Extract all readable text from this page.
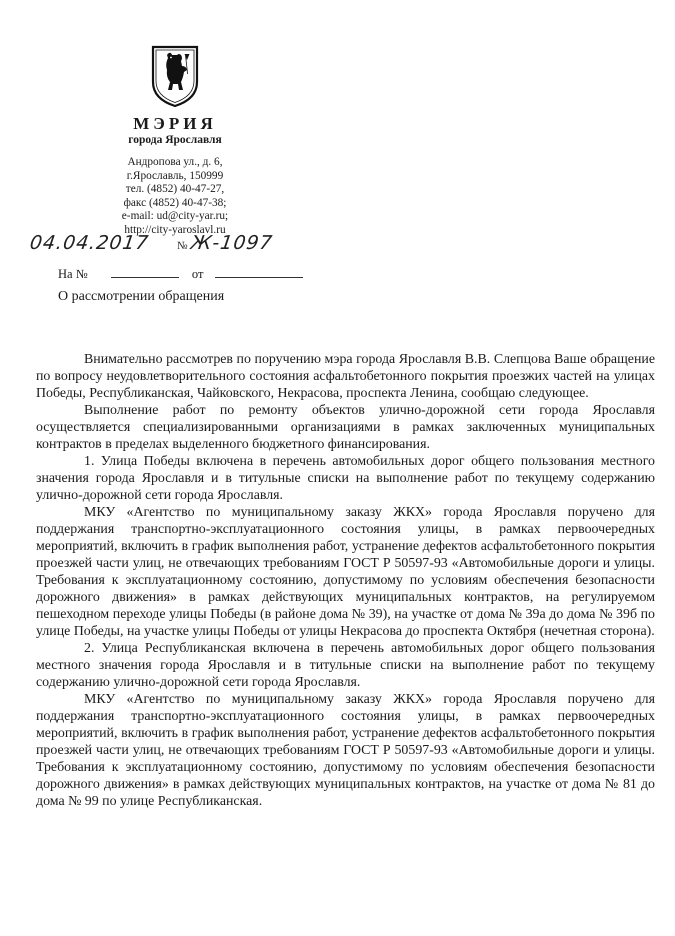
МЭРИЯ
города Ярославля
Андропова ул., д. 6,
г.Ярославль, 150999
тел. (4852) 40-47-27,
факс (4852) 40-47-38;
e-mail: ud@city-yar.ru;
http://city-yaroslavl.ru
04.04.2017 № Ж-1097
На №	от
О рассмотрении обращения

Внимательно рассмотрев по поручению мэра города Ярославля В.В. Слепцова Ваше обращение по вопросу неудовлетворительного состояния асфальтобетонного покрытия проезжих частей на улицах Победы, Республиканская, Чайковского, Некрасова, проспекта Ленина, сообщаю следующее.

Выполнение работ по ремонту объектов улично-дорожной сети города Ярославля осуществляется специализированными организациями в рамках заключенных муниципальных контрактов в пределах выделенного бюджетного финансирования.

1. Улица Победы включена в перечень автомобильных дорог общего пользования местного значения города Ярославля и в титульные списки на выполнение работ по текущему содержанию улично-дорожной сети города Ярославля.

МКУ «Агентство по муниципальному заказу ЖКХ» города Ярославля поручено для поддержания транспортно-эксплуатационного состояния улицы, в рамках первоочередных мероприятий, включить в график выполнения работ, устранение дефектов асфальтобетонного покрытия проезжей части улиц, не отвечающих требованиям ГОСТ Р 50597-93 «Автомобильные дороги и улицы. Требования к эксплуатационному состоянию, допустимому по условиям обеспечения безопасности дорожного движения» в рамках действующих муниципальных контрактов, на регулируемом пешеходном переходе улицы Победы (в районе дома № 39), на участке от дома № 39а до дома № 39б по улице Победы, на участке улицы Победы от улицы Некрасова до проспекта Октября (нечетная сторона).

2. Улица Республиканская включена в перечень автомобильных дорог общего пользования местного значения города Ярославля и в титульные списки на выполнение работ по текущему содержанию улично-дорожной сети города Ярославля.

МКУ «Агентство по муниципальному заказу ЖКХ» города Ярославля поручено для поддержания транспортно-эксплуатационного состояния улицы, в рамках первоочередных мероприятий, включить в график выполнения работ, устранение дефектов асфальтобетонного покрытия проезжей части улиц, не отвечающих требованиям ГОСТ Р 50597-93 «Автомобильные дороги и улицы. Требования к эксплуатационному состоянию, допустимому по условиям обеспечения безопасности дорожного движения» в рамках действующих муниципальных контрактов, на участке от дома № 81 до дома № 99 по улице Республиканская.
